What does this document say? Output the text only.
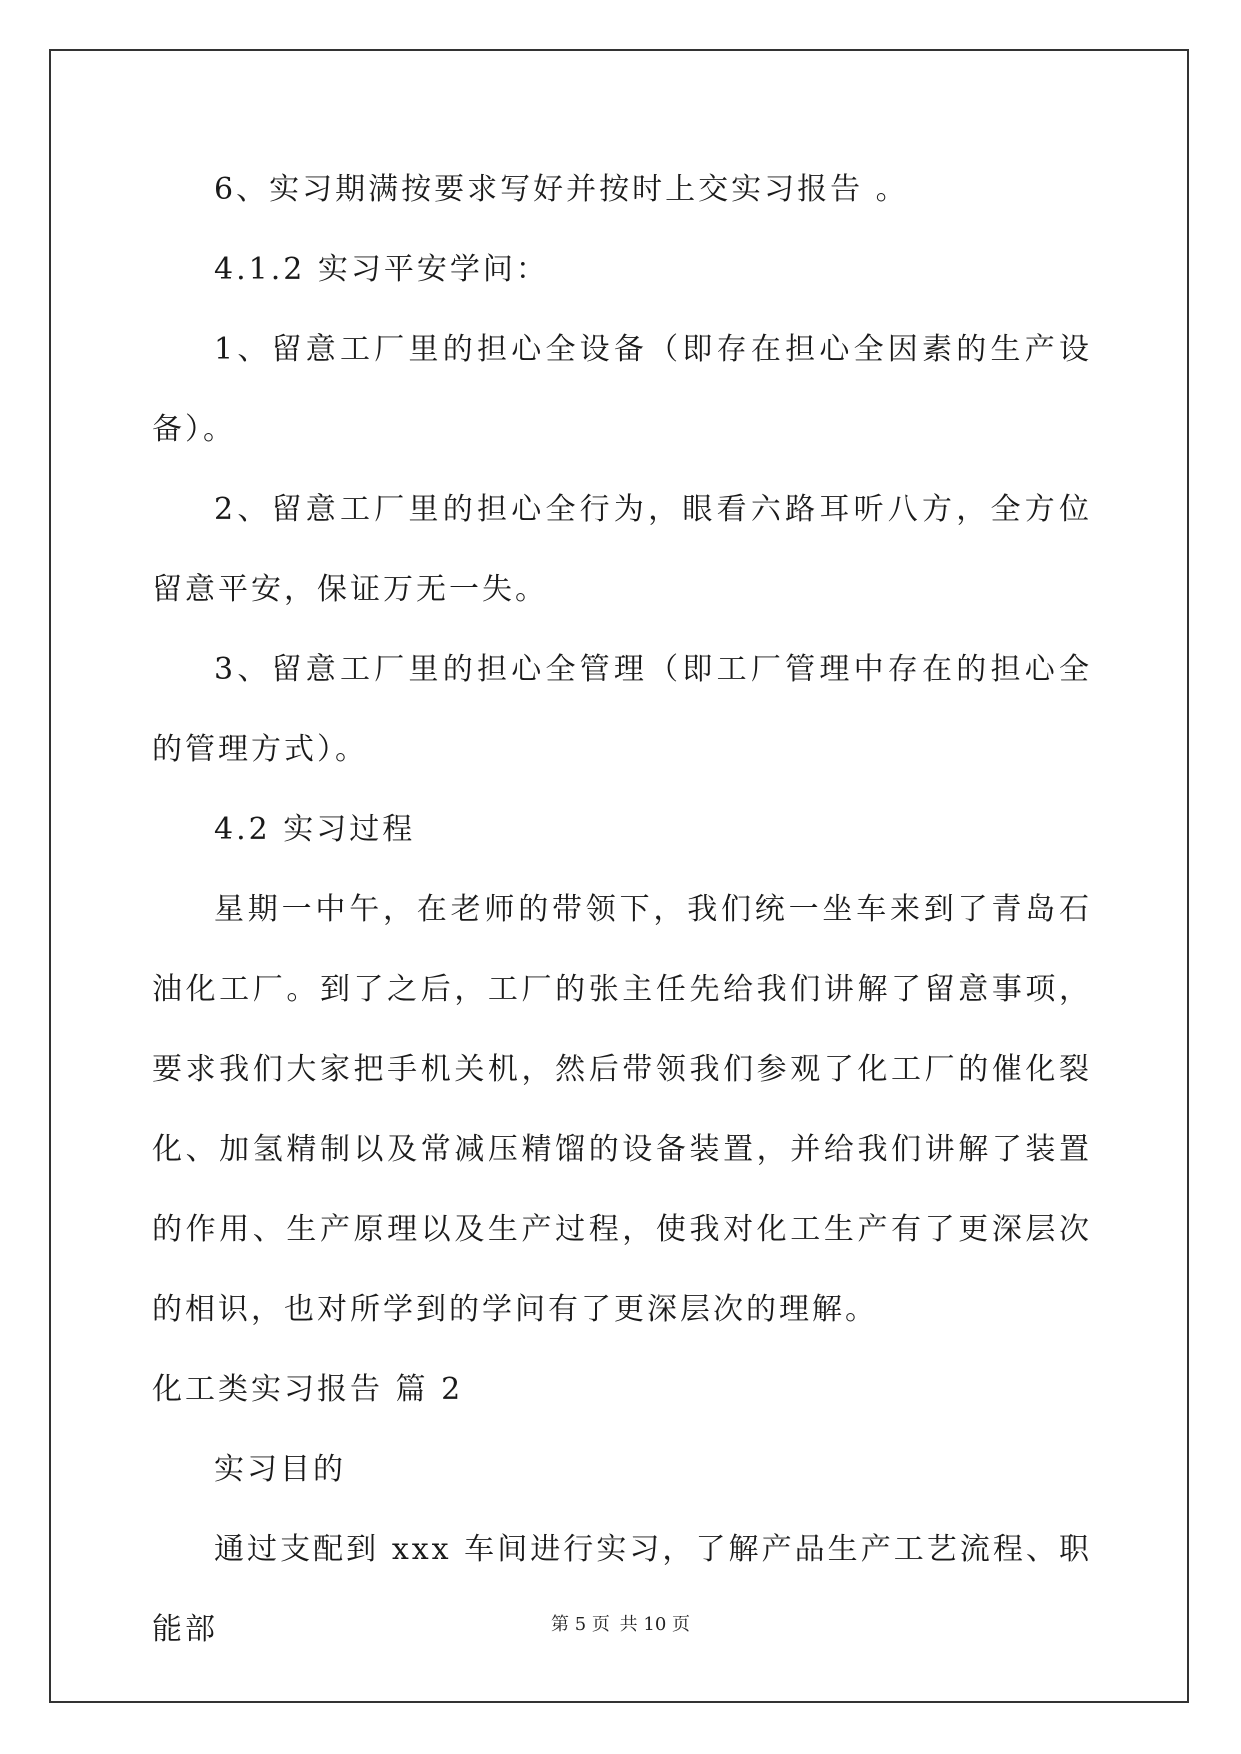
6、实习期满按要求写好并按时上交实习报告 。

4.1.2 实习平安学问：

1、留意工厂里的担心全设备（即存在担心全因素的生产设备）。

2、留意工厂里的担心全行为，眼看六路耳听八方，全方位留意平安，保证万无一失。

3、留意工厂里的担心全管理（即工厂管理中存在的担心全的管理方式）。

4.2 实习过程

星期一中午，在老师的带领下，我们统一坐车来到了青岛石油化工厂。到了之后，工厂的张主任先给我们讲解了留意事项，要求我们大家把手机关机，然后带领我们参观了化工厂的催化裂化、加氢精制以及常减压精馏的设备装置，并给我们讲解了装置的作用、生产原理以及生产过程，使我对化工生产有了更深层次的相识，也对所学到的学问有了更深层次的理解。

化工类实习报告 篇 2

实习目的

通过支配到 xxx 车间进行实习，了解产品生产工艺流程、职能部	第 5 页 共 10 页
